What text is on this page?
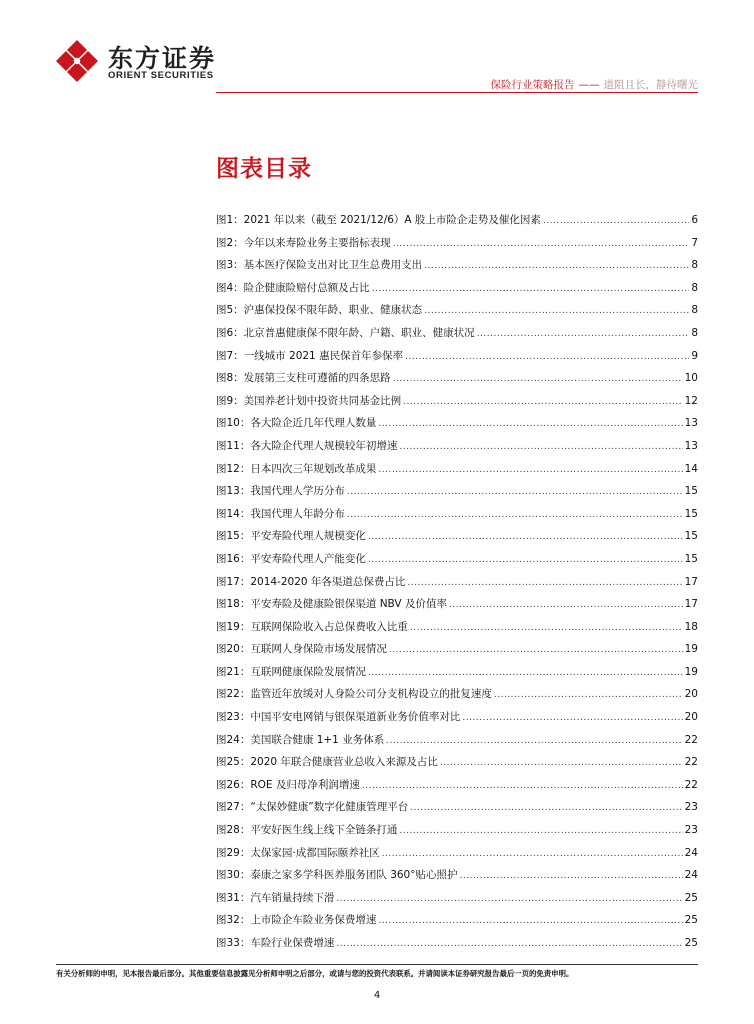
东方证券
ORIENT SECURITIES
保险行业策略报告 —— 道阻且长，静待曙光
图表目录
图1：2021 年以来（截至 2021/12/6）A 股上市险企走势及催化因素 .....	6
图2：今年以来寿险业务主要指标表现 .....	7
图3：基本医疗保险支出对比卫生总费用支出 .....	8
图4：险企健康险赔付总额及占比 .....	8
图5：沪惠保投保不限年龄、职业、健康状态 .....	8
图6：北京普惠健康保不限年龄、户籍、职业、健康状况 .....	8
图7：一线城市 2021 惠民保首年参保率 .....	9
图8：发展第三支柱可遵循的四条思路 .....	10
图9：美国养老计划中投资共同基金比例 .....	12
图10：各大险企近几年代理人数量 .....	13
图11：各大险企代理人规模较年初增速 .....	13
图12：日本四次三年规划改革成果 .....	14
图13：我国代理人学历分布 .....	15
图14：我国代理人年龄分布 .....	15
图15：平安寿险代理人规模变化 .....	15
图16：平安寿险代理人产能变化 .....	15
图17：2014-2020 年各渠道总保费占比 .....	17
图18：平安寿险及健康险银保渠道 NBV 及价值率 .....	17
图19：互联网保险收入占总保费收入比重 .....	18
图20：互联网人身保险市场发展情况 .....	19
图21：互联网健康保险发展情况 .....	19
图22：监管近年放缓对人身险公司分支机构设立的批复速度 .....	20
图23：中国平安电网销与银保渠道新业务价值率对比 .....	20
图24：美国联合健康 1+1 业务体系 .....	22
图25：2020 年联合健康营业总收入来源及占比 .....	22
图26：ROE 及归母净利润增速 .....	22
图27：“太保妙健康”数字化健康管理平台 .....	23
图28：平安好医生线上线下全链条打通 .....	23
图29：太保家园·成都国际颐养社区 .....	24
图30：泰康之家多学科医养服务团队 360°贴心照护 .....	24
图31：汽车销量持续下滑 .....	25
图32：上市险企车险业务保费增速 .....	25
图33：车险行业保费增速 .....	25
有关分析师的申明，见本报告最后部分。其他重要信息披露见分析师申明之后部分，或请与您的投资代表联系。并请阅读本证券研究报告最后一页的免责申明。
4
